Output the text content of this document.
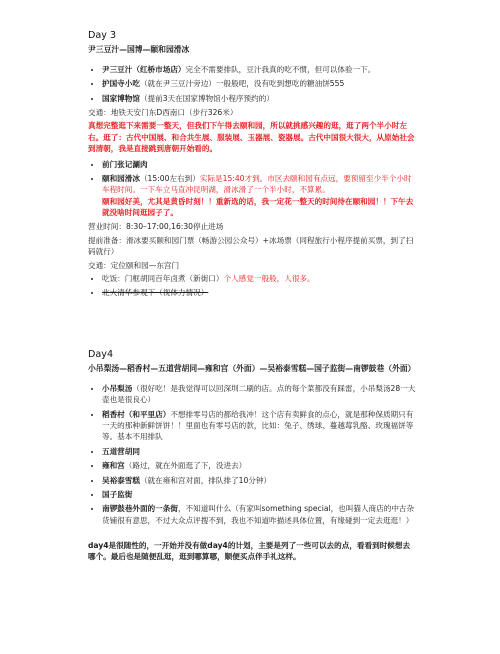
Day 3
尹三豆汁—国博—颐和园滑冰
• 尹三豆汁（红桥市场店）完全不需要排队，豆汁我真的吃不惯，但可以体验一下。
• 护国寺小吃（就在尹三豆汁旁边）一般般吧，没有吃到想吃的糖油饼555
• 国家博物馆（提前3天在国家博物馆小程序预约的）

交通：地铁天安门东D西南口（步行326米）

真想完整逛下来需要一整天，但我们下午得去颐和园，所以就挑感兴趣的逛，逛了两个半小时左右。逛了：古代中国展、和合共生展、服装展、玉器展、瓷器展。古代中国很大很大，从原始社会到清朝，我是直接跳到唐朝开始看的。

• 前门张记涮肉
• 颐和园滑冰（15:00左右到）实际是15:40才到。市区去颐和园有点远，要预留至少半个小时车程时间。一下车立马直冲昆明湖，滑冰滑了一个半小时，不算累。
颐和园好美，尤其是黄昏时刻！！重新选的话，我一定花一整天的时间待在颐和园！！下午去就没啥时间逛园子了。

营业时间：8:30–17:00,16:30停止进场

提前准备：滑冰要买颐和园门票（畅游公园公众号）+冰场票（同程旅行小程序提前买票，到了扫码就行）

交通：定位颐和园—东宫门

• 吃饭：门框胡同百年卤煮（新街口）个人感觉一般般，人很多。
• 北大清华参观下（视体力情况）
Day4
小吊梨汤—稻香村—五道营胡同—雍和宫（外面）—吴裕泰雪糕—国子监街—南锣鼓巷（外面）
• 小吊梨汤（很好吃！是我觉得可以回深圳二刷的店。点的每个菜都没有踩雷，小吊梨汤28一大壶也是很良心）
• 稻香村（和平里店）不想排零号店的都给我冲！这个店有卖鲜食的点心，就是那种保质期只有一天的那种新鲜饼饼！！里面也有零号店的款，比如：兔子、绣球、蔓越莓乳酪、玫瑰福饼等等。基本不用排队
• 五道营胡同
• 雍和宫（路过，就在外面逛了下，没进去）
• 吴裕泰雪糕（就在雍和宫对面，排队排了10分钟）
• 国子监街
• 南锣鼓巷外面的一条街，不知道叫什么（有家叫something special，也叫猫人商店的中古杂货铺很有意思，不过大众点评搜不到，我也不知道咋描述具体位置，有缘碰到一定去逛逛！）

day4是很随性的，一开始并没有做day4的计划，主要是列了一些可以去的点，看看到时候想去哪个。最后也是随便乱逛，逛到哪算哪，顺便买点伴手礼这样。
